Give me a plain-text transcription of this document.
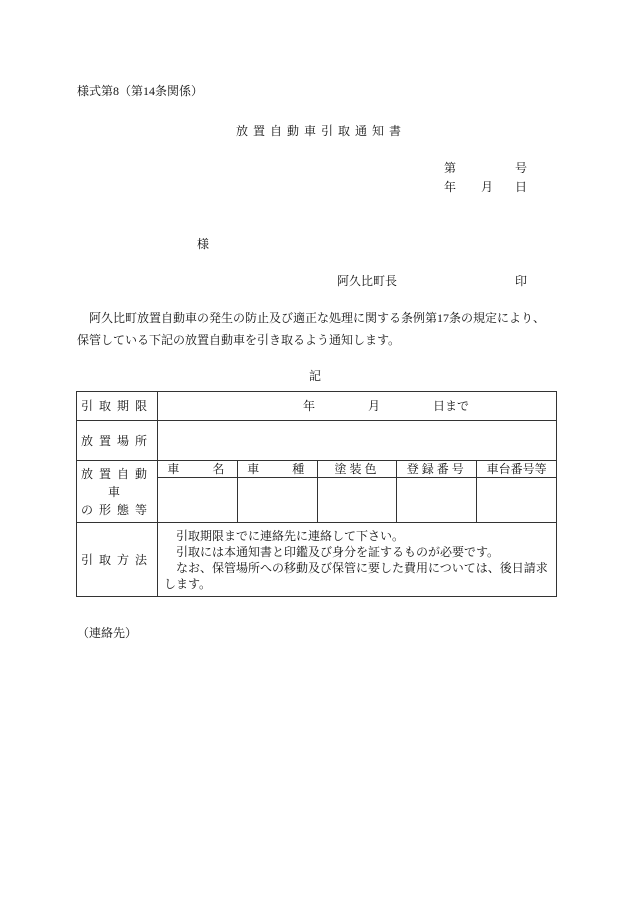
様式第8（第14条関係）
放置自動車引取通知書
第	号
年 月 日
様
阿久比町長	印
阿久比町放置自動車の発生の防止及び適正な処理に関する条例第17条の規定により、保管している下記の放置自動車を引き取るよう通知します。
記
引取期限	年 月 日まで				
放置場所					

放置自動車
の形態等	車　　名	車　　種	塗装色	登録番号	車台番号等

引取方法	引取期限までに連絡先に連絡して下さい。
引取には本通知書と印鑑及び身分を証するものが必要です。
なお、保管場所への移動及び保管に要した費用については、後日請求します。				
（連絡先）
